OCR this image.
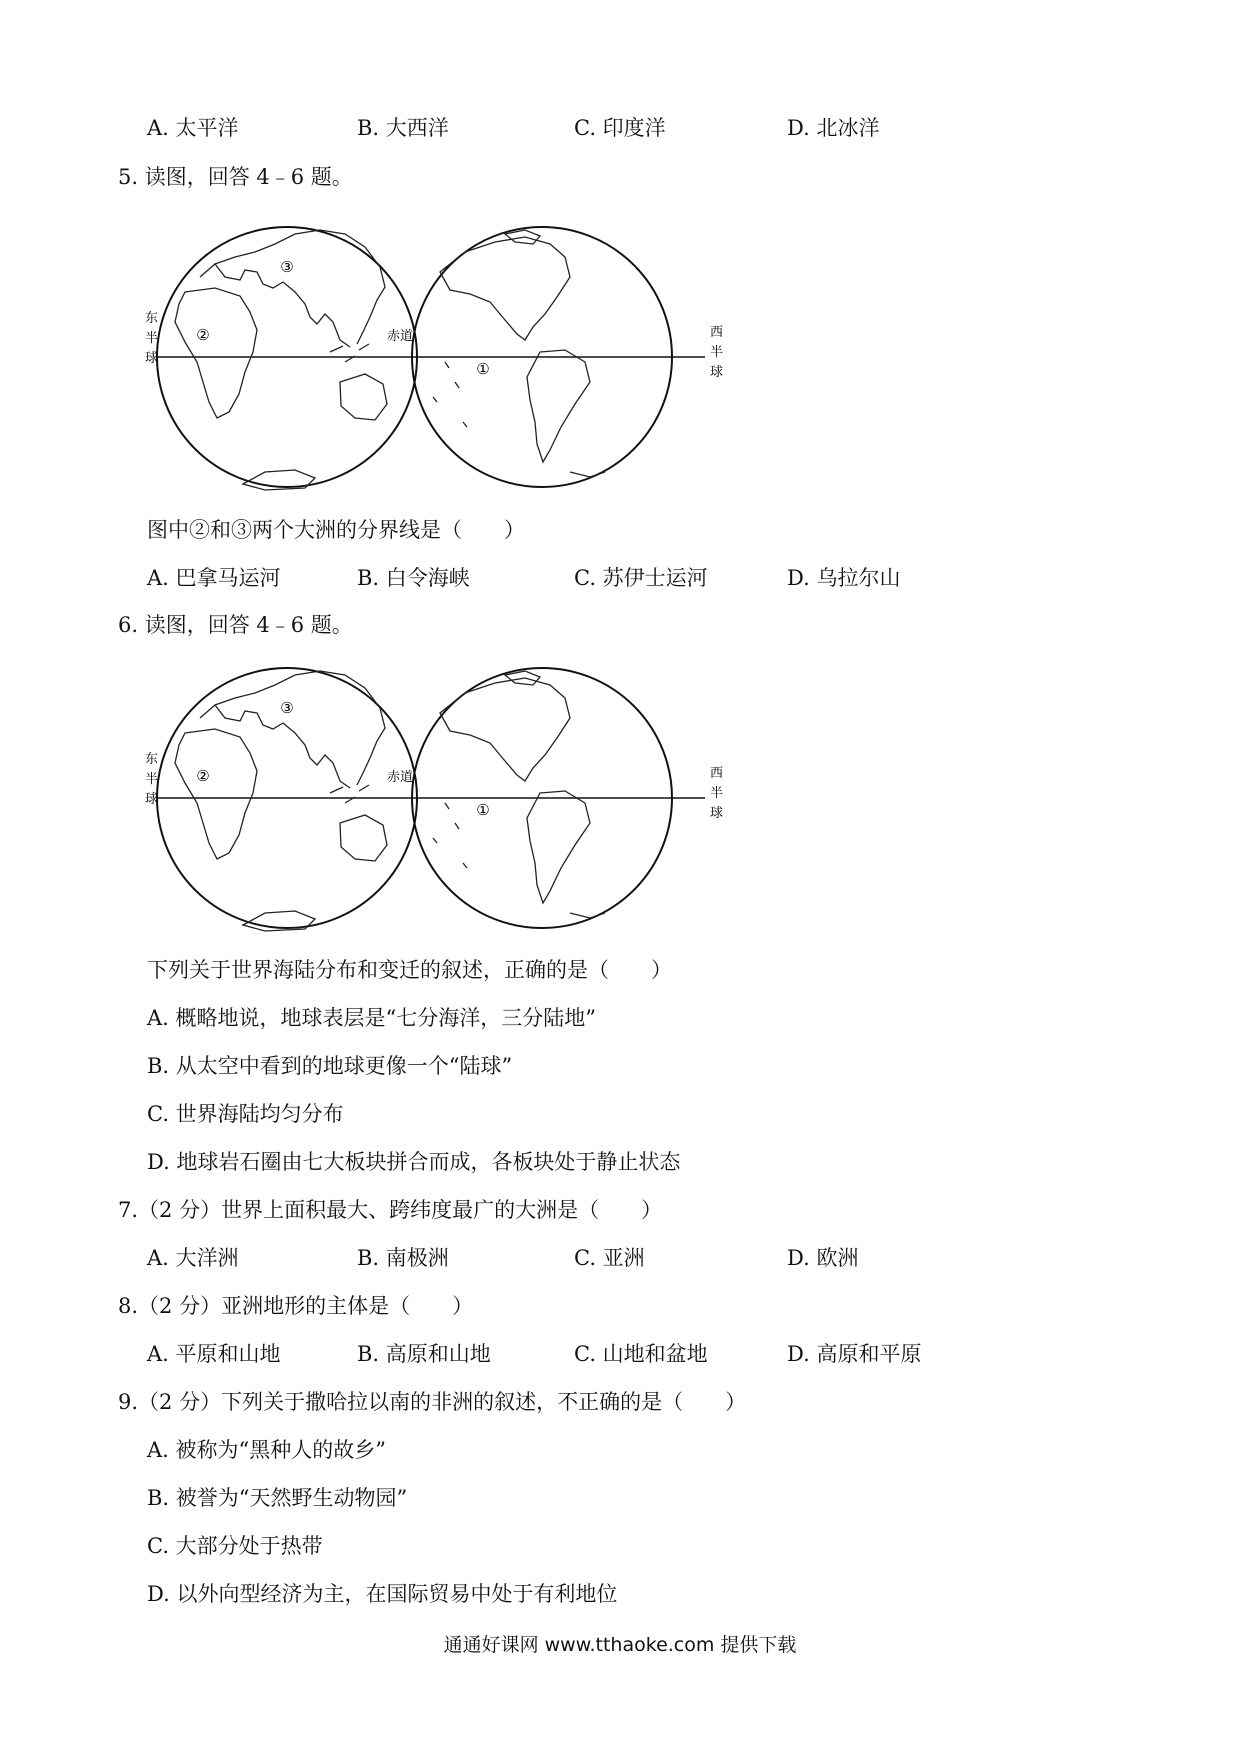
A. 太平洋	B. 大西洋	C. 印度洋	D. 北冰洋
5. 读图，回答 4﹣6 题。
③
②
①
赤道
东
半
球
西
半
球
图中②和③两个大洲的分界线是（　　）
A. 巴拿马运河	B. 白令海峡	C. 苏伊士运河	D. 乌拉尔山
6. 读图，回答 4﹣6 题。
③
②
①
赤道
东
半
球
西
半
球
下列关于世界海陆分布和变迁的叙述，正确的是（　　）
A. 概略地说，地球表层是“七分海洋，三分陆地”
B. 从太空中看到的地球更像一个“陆球”
C. 世界海陆均匀分布
D. 地球岩石圈由七大板块拼合而成，各板块处于静止状态
7.（2 分）世界上面积最大、跨纬度最广的大洲是（　　）
A. 大洋洲	B. 南极洲	C. 亚洲	D. 欧洲
8.（2 分）亚洲地形的主体是（　　）
A. 平原和山地	B. 高原和山地	C. 山地和盆地	D. 高原和平原
9.（2 分）下列关于撒哈拉以南的非洲的叙述，不正确的是（　　）
A. 被称为“黑种人的故乡”
B. 被誉为“天然野生动物园”
C. 大部分处于热带
D. 以外向型经济为主，在国际贸易中处于有利地位
通通好课网 www.tthaoke.com 提供下载
